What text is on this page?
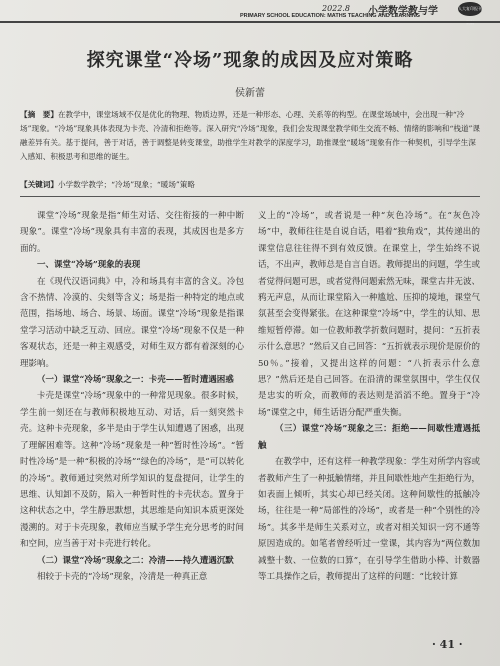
2022.8 小学数学教与学
PRIMARY SCHOOL EDUCATION: MATHS TEACHING AND LEARNING
人大复印报刊
探究课堂“冷场”现象的成因及应对策略
侯新蕾
【摘　要】在教学中，课堂场域不仅是优化的物理、物质边界，还是一种形态、心理、关系等的构型。在课堂场域中，会出现一种“冷场”现象。“冷场”现象具体表现为卡壳、冷清和拒绝等。深入研究“冷场”现象，我们会发现课堂教学师生交流不畅、情绪的影响和“栈道”课融差异有关。基于提问，善于对话，善于调整是转变课堂，助推学生对教学的深度学习，助推课堂“暖场”现象有作一种契机，引导学生深入感知、积极思考和思维的诞生。
【关键词】小学数学教学；“冷场”现象；“暖场”策略

课堂“冷场”现象是指“师生对话、交往衔接的一种中断现象”。课堂“冷场”现象具有丰富的表现，其成因也是多方面的。

一、课堂“冷场”现象的表现

在《现代汉语词典》中，冷和场具有丰富的含义。冷包含不热情、冷漠的、尖刻等含义；场是指一种特定的地点或范围，指场地、场合、场景、场面。课堂“冷场”现象是指课堂学习活动中缺乏互动、回应。课堂“冷场”现象不仅是一种客观状态，还是一种主观感受，对师生双方都有着深刻的心理影响。

（一）课堂“冷场”现象之一：卡壳——暂时遭遇困惑

卡壳是课堂“冷场”现象中的一种常见现象。很多时候，学生前一刻还在与教师积极地互动、对话，后一刻突然卡壳。这种卡壳现象，多半是由于学生认知遭遇了困惑，出现了理解困难等。这种“冷场”现象是一种“暂时性冷场”。“暂时性冷场”是一种“积极的冷场”“绿色的冷场”，是“可以转化的冷场”。教师通过突然对所学知识的复盘提问，让学生的思维、认知卸不及防，陷入一种暂时性的卡壳状态。置身于这种状态之中，学生静思默想，其思维是向知识本质更深处漫溯的。对于卡壳现象，教师应当赋予学生充分思考的时间和空间，应当善于对卡壳进行转化。

（二）课堂“冷场”现象之二：冷清——持久遭遇沉默

相较于卡壳的“冷场”现象，冷清是一种真正意

义上的“冷场”，或者说是一种“灰色冷场”。在“灰色冷场”中，教师往往是自说自话，唱着“独角戏”，其传递出的课堂信息往往得不到有效反馈。在课堂上，学生始终不说话，不出声，教师总是自言自语。教师提出的问题，学生或者觉得问题可思，或者觉得问题索然无味，课堂古井无波、鸦无声息，从而让课堂陷入一种尴尬、压抑的境地，课堂气氛甚至会变得紧张。在这种课堂“冷场”中，学生的认知、思维短暂停滞。如一位教师教学折数问题时，提问：“五折表示什么意思？”然后又自己回答：“五折就表示现价是原价的50％。”接着，又提出这样的问题：“八折表示什么意思？”然后还是自己回答。在沿清的课堂氛围中，学生仅仅是忠实的听众，而教师的表达则是滔滔不绝。置身于“冷场”课堂之中，师生话语分配严重失衡。

（三）课堂“冷场”现象之三：拒绝——间歇性遭遇抵触

在教学中，还有这样一种教学现象：学生对所学内容或者教师产生了一种抵触情绪，并且间歇性地产生拒绝行为，如表面上倾听，其实心却已经关闭。这种间歇性的抵触冷场，往往是一种“局部性的冷场”，或者是一种“个别性的冷场”。其多半是师生关系对立，或者对相关知识一窍不通等原因造成的。如笔者曾经听过一堂课，其内容为“两位数加减整十数、一位数的口算”，在引导学生借助小棒、计数器等工具操作之后，教师提出了这样的问题：“比较计算

· 41 ·
